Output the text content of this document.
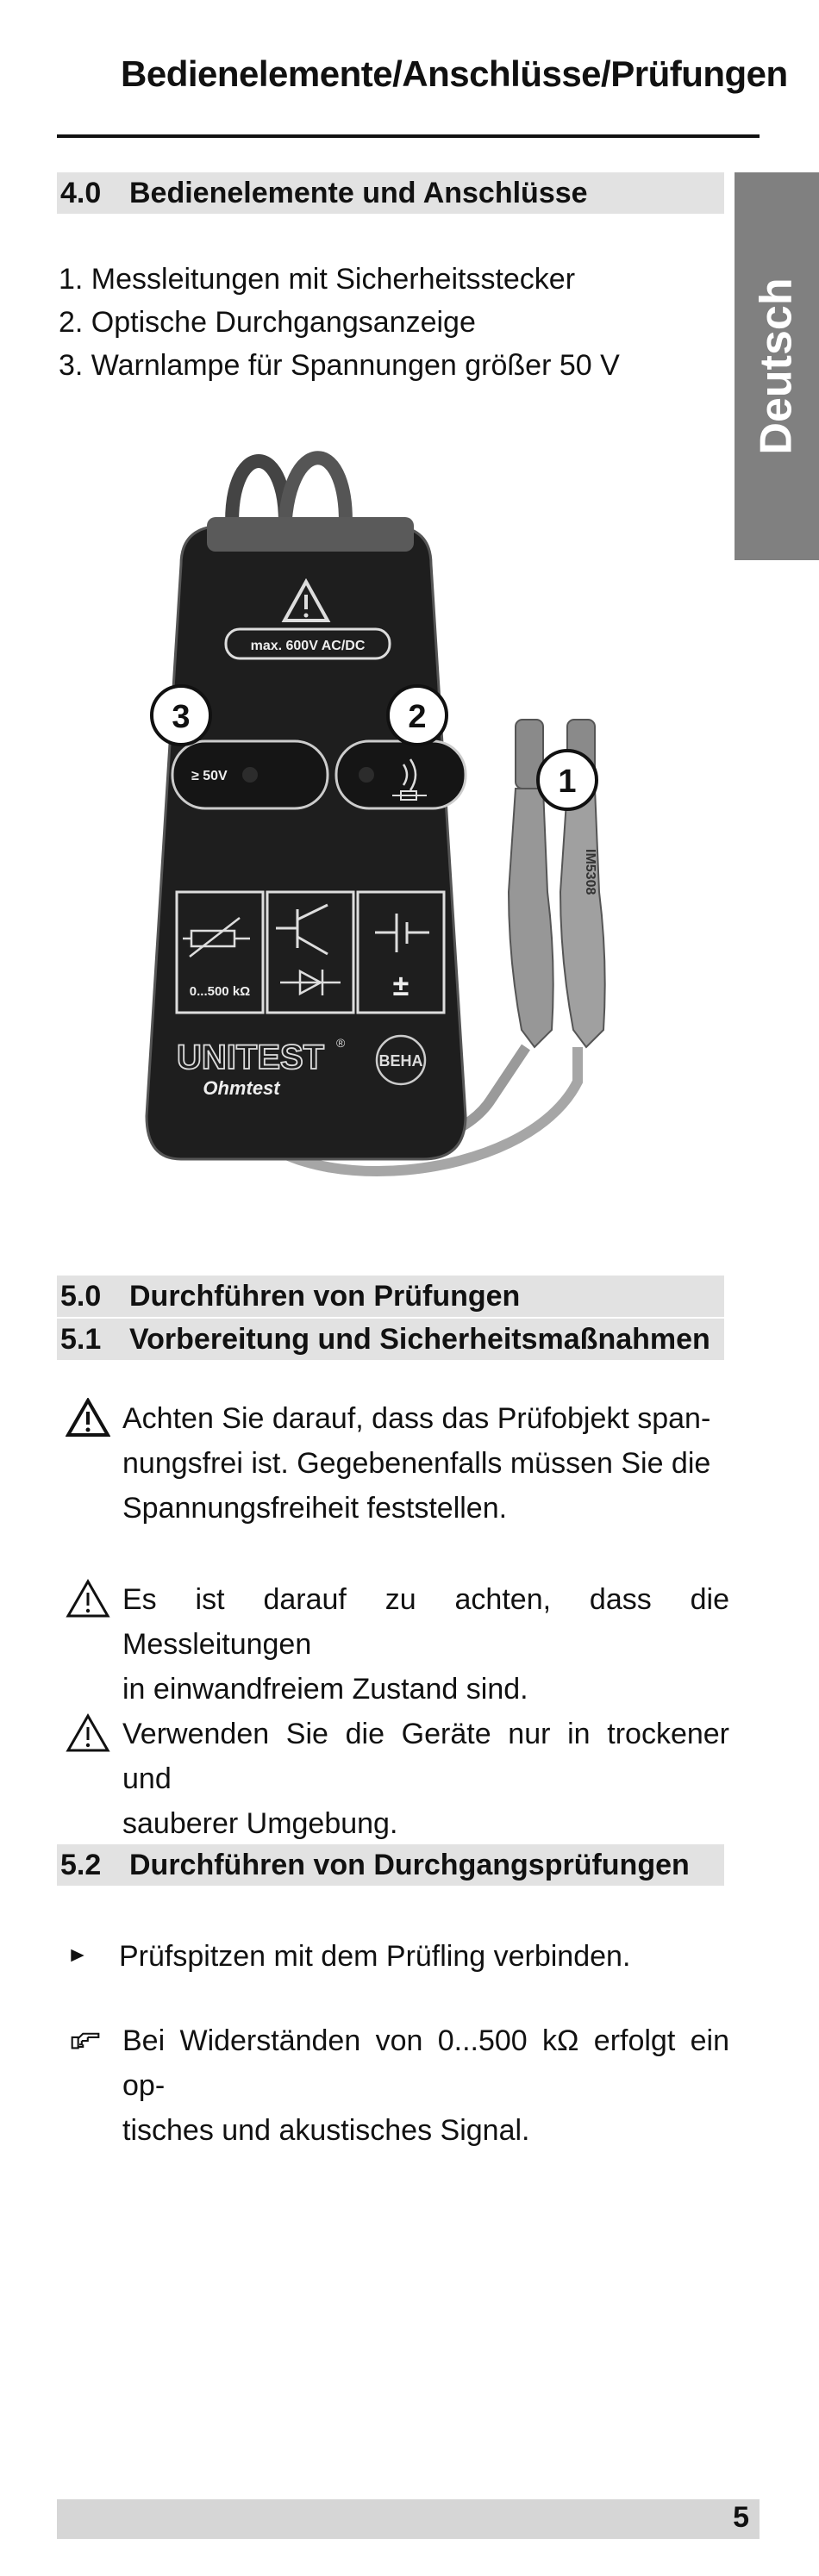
Bedienelemente/Anschlüsse/Prüfungen
Deutsch
4.0 Bedienelemente und Anschlüsse
1. Messleitungen mit Sicherheitsstecker
2. Optische Durchgangsanzeige
3. Warnlampe für Spannungen größer 50 V
max. 600V AC/DC
≥ 50V
0...500 kΩ	±
UNITEST ®
Ohmtest
BEHA
IM5308
3	2
1
5.0 Durchführen von Prüfungen
5.1 Vorbereitung und Sicherheitsmaßnahmen
Achten Sie darauf, dass das Prüfobjekt span-
nungsfrei ist. Gegebenenfalls müssen Sie die
Spannungsfreiheit feststellen.
Es ist darauf zu achten, dass die Messleitungen
in einwandfreiem Zustand sind.
Verwenden Sie die Geräte nur in trockener und
sauberer Umgebung.
5.2 Durchführen von Durchgangsprüfungen
Prüfspitzen mit dem Prüfling verbinden.
Bei Widerständen von 0...500 kΩ erfolgt ein op-
tisches und akustisches Signal.
5
